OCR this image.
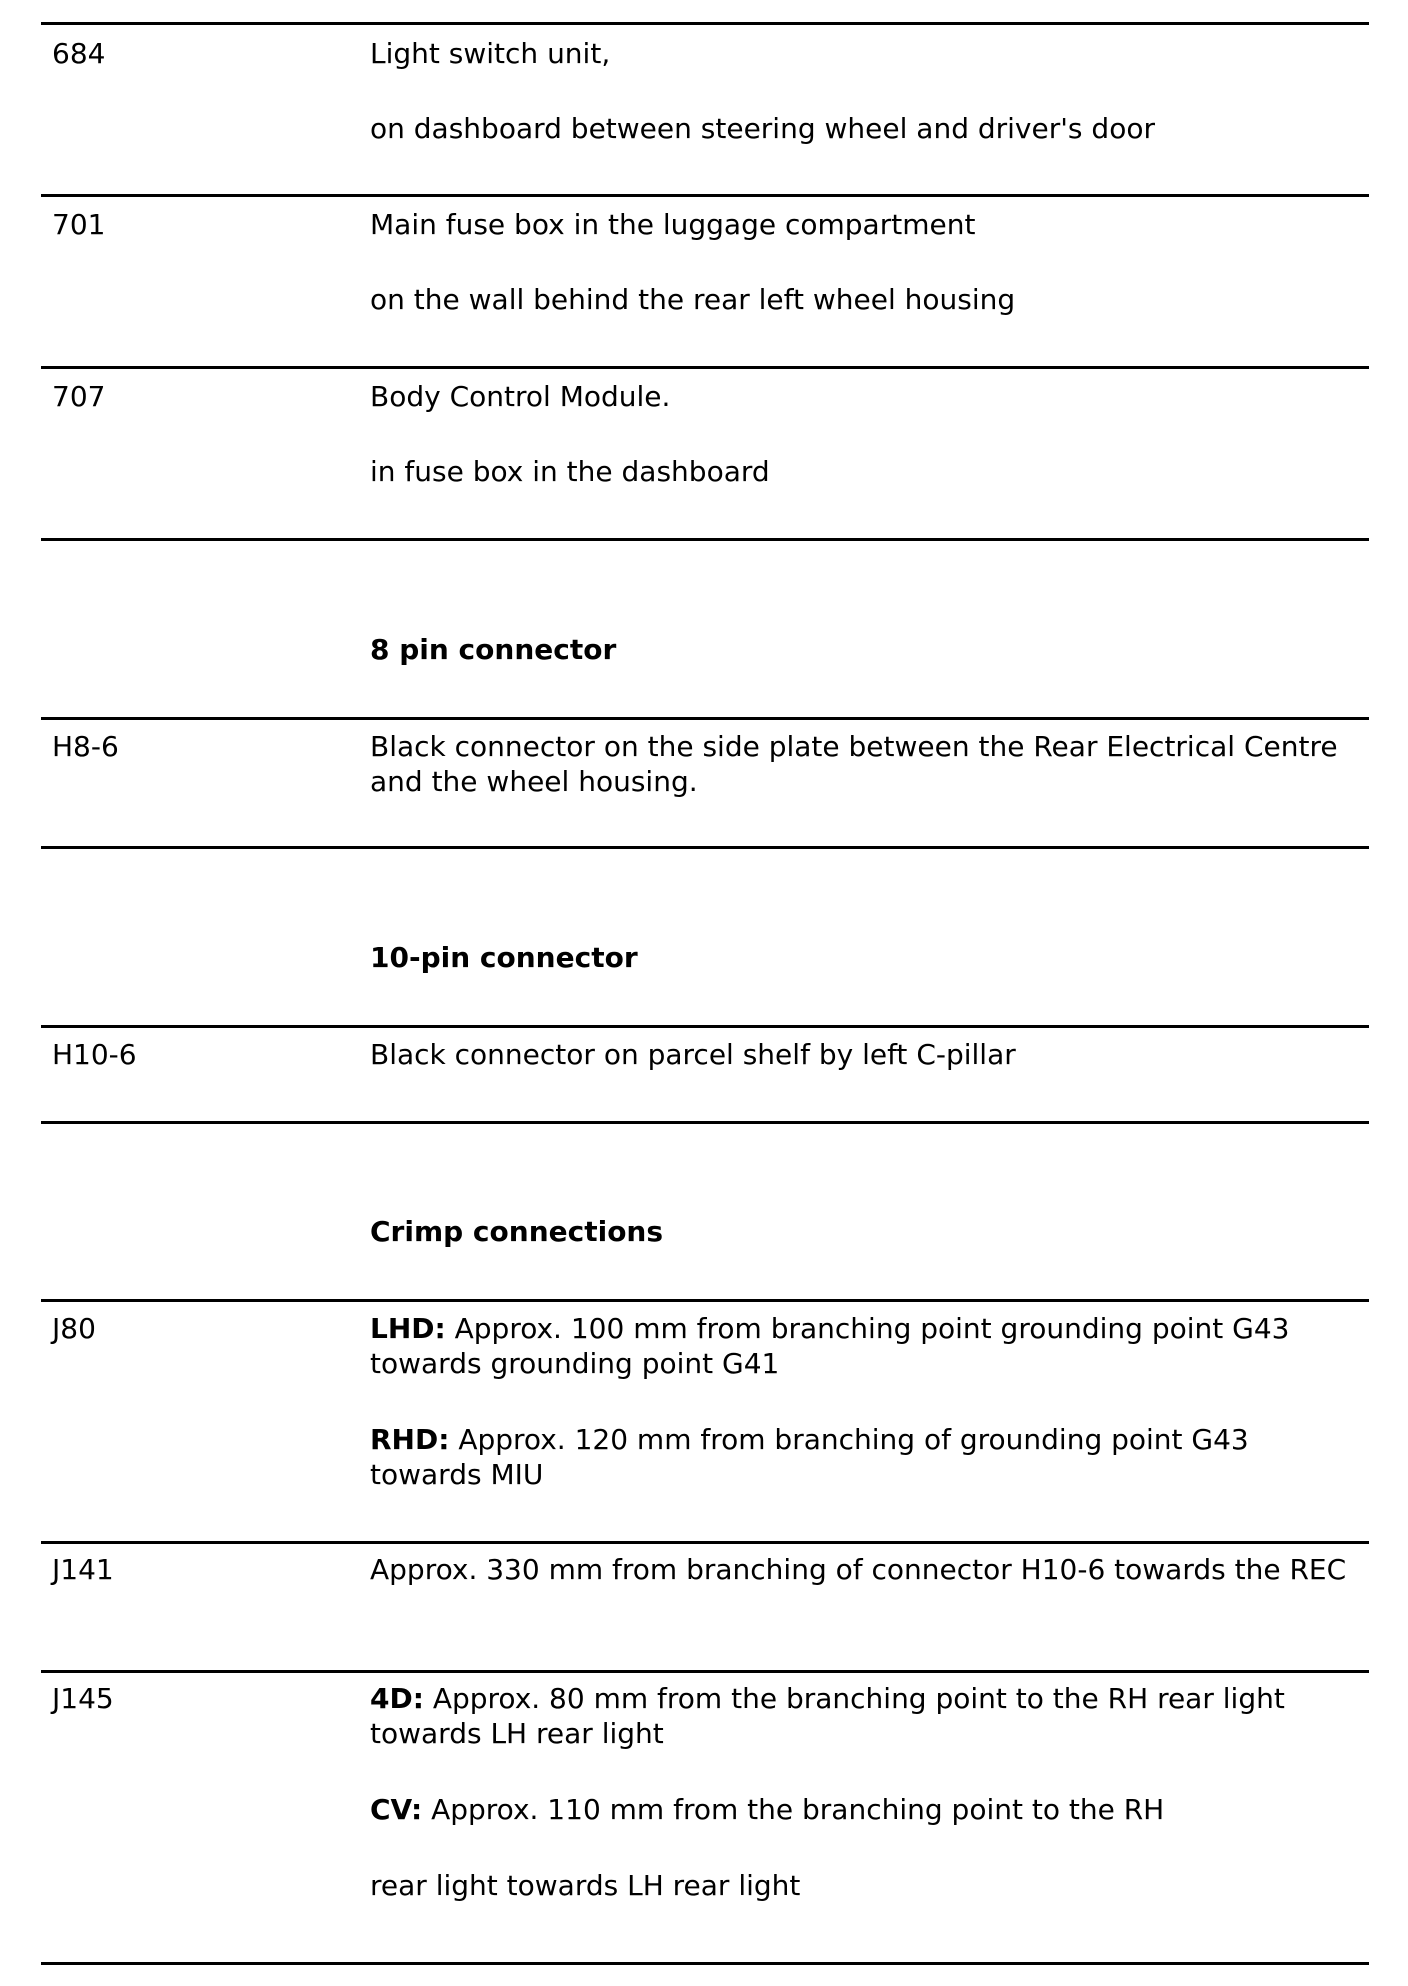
684	Light switch unit,

on dashboard between steering wheel and driver's door

701	Main fuse box in the luggage compartment

on the wall behind the rear left wheel housing

707	Body Control Module.

in fuse box in the dashboard

8 pin connector
H8-6	Black connector on the side plate between the Rear Electrical Centre and the wheel housing.

10-pin connector
H10-6	Black connector on parcel shelf by left C-pillar

Crimp connections
J80	LHD: Approx. 100 mm from branching point grounding point G43 towards grounding point G41

RHD: Approx. 120 mm from branching of grounding point G43 towards MIU

J141	Approx. 330 mm from branching of connector H10-6 towards the REC

J145	4D: Approx. 80 mm from the branching point to the RH rear light towards LH rear light

CV: Approx. 110 mm from the branching point to the RH

rear light towards LH rear light
